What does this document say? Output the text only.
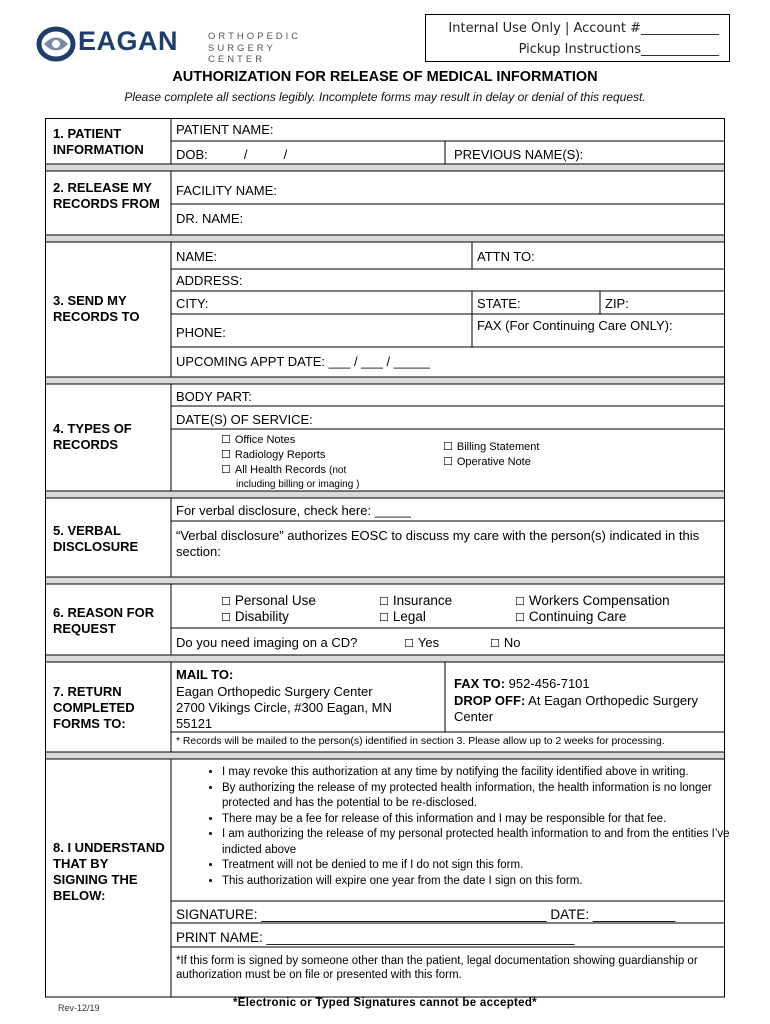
EAGAN	ORTHOPEDIC
SURGERY CENTER
Internal Use Only | Account #____________
Pickup Instructions____________
AUTHORIZATION FOR RELEASE OF MEDICAL INFORMATION
Please complete all sections legibly. Incomplete forms may result in delay or denial of this request.
1. PATIENT INFORMATION
PATIENT NAME:
DOB:          /          /	PREVIOUS NAME(S):
2. RELEASE MY RECORDS FROM
FACILITY NAME:
DR. NAME:
3. SEND MY RECORDS TO
NAME:	ATTN TO:
ADDRESS:
CITY:	STATE:	ZIP:
PHONE:	FAX (For Continuing Care ONLY):
UPCOMING APPT DATE: ___ / ___ / _____
4. TYPES OF RECORDS
BODY PART:
DATE(S) OF SERVICE:
☐ Office Notes
☐ Radiology Reports
☐ All Health Records (not
including billing or imaging )
☐ Billing Statement
☐ Operative Note
5. VERBAL DISCLOSURE
For verbal disclosure, check here: _____
“Verbal disclosure” authorizes EOSC to discuss my care with the person(s) indicated in this section:
6. REASON FOR REQUEST
☐ Personal Use	☐ Insurance	☐ Workers Compensation
☐ Disability	☐ Legal	☐ Continuing Care
Do you need imaging on a CD?	☐ Yes	☐ No
7. RETURN COMPLETED FORMS TO:
MAIL TO:
Eagan Orthopedic Surgery Center
2700 Vikings Circle, #300 Eagan, MN 55121
FAX TO: 952-456-7101
DROP OFF: At Eagan Orthopedic Surgery Center
* Records will be mailed to the person(s) identified in section 3. Please allow up to 2 weeks for processing.
8. I UNDERSTAND THAT BY SIGNING THE BELOW:
• I may revoke this authorization at any time by notifying the facility identified above in writing.
• By authorizing the release of my protected health information, the health information is no longer protected and has the potential to be re-disclosed.
• There may be a fee for release of this information and I may be responsible for that fee.
• I am authorizing the release of my personal protected health information to and from the entities I’ve indicted above
• Treatment will not be denied to me if I do not sign this form.
• This authorization will expire one year from the date I sign on this form.
SIGNATURE: ______________________________________ DATE: ___________
PRINT NAME: _________________________________________
*If this form is signed by someone other than the patient, legal documentation showing guardianship or authorization must be on file or presented with this form.
Rev-12/19	*Electronic or Typed Signatures cannot be accepted*
